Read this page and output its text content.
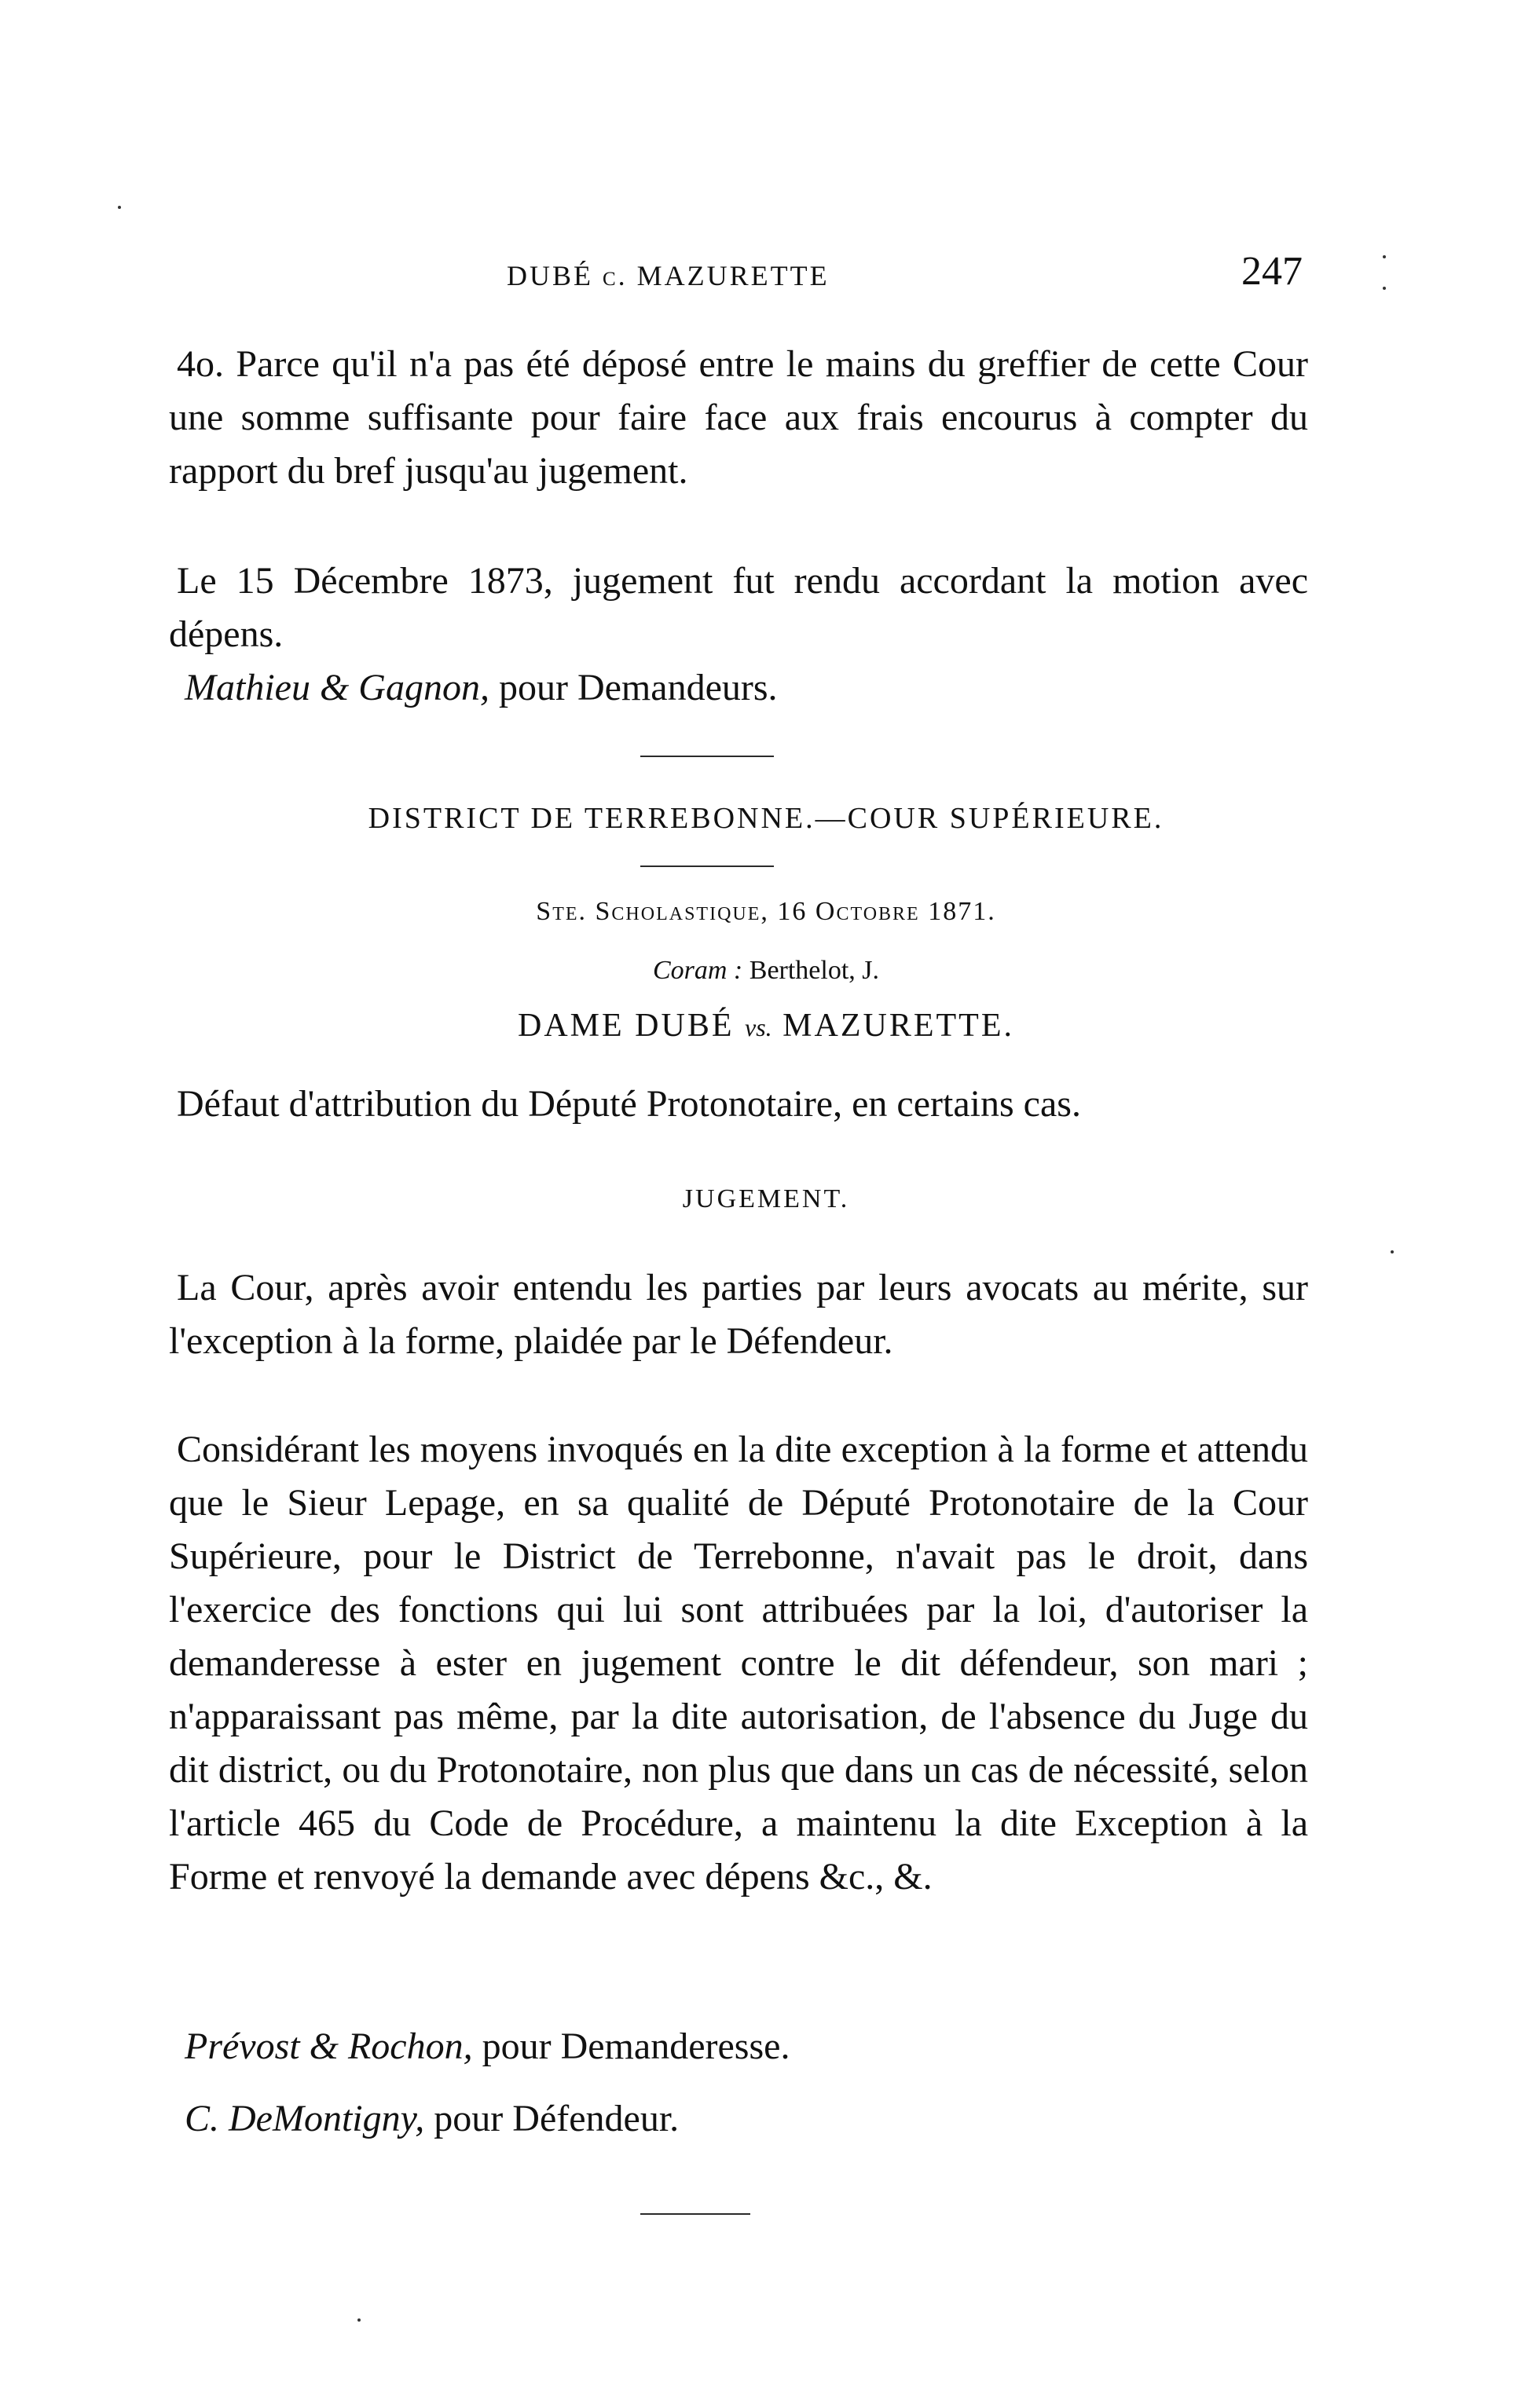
DUBÉ c. MAZURETTE	247
4o. Parce qu'il n'a pas été déposé entre le mains du greffier de cette Cour une somme suffisante pour faire face aux frais encourus à compter du rapport du bref jusqu'au jugement.
Le 15 Décembre 1873, jugement fut rendu accordant la motion avec dépens.
Mathieu & Gagnon, pour Demandeurs.
DISTRICT DE TERREBONNE.—COUR SUPÉRIEURE.
Ste. Scholastique, 16 Octobre 1871.
Coram : Berthelot, J.
DAME DUBÉ vs. MAZURETTE.
Défaut d'attribution du Député Protonotaire, en certains cas.
JUGEMENT.
La Cour, après avoir entendu les parties par leurs avocats au mérite, sur l'exception à la forme, plaidée par le Défendeur.
Considérant les moyens invoqués en la dite exception à la forme et attendu que le Sieur Lepage, en sa qualité de Député Protonotaire de la Cour Supérieure, pour le District de Terrebonne, n'avait pas le droit, dans l'exercice des fonctions qui lui sont attribuées par la loi, d'autoriser la demanderesse à ester en jugement contre le dit défendeur, son mari ; n'apparaissant pas même, par la dite autorisation, de l'absence du Juge du dit district, ou du Protonotaire, non plus que dans un cas de nécessité, selon l'article 465 du Code de Procédure, a maintenu la dite Exception à la Forme et renvoyé la demande avec dépens &c., &.
Prévost & Rochon, pour Demanderesse.
C. DeMontigny, pour Défendeur.
